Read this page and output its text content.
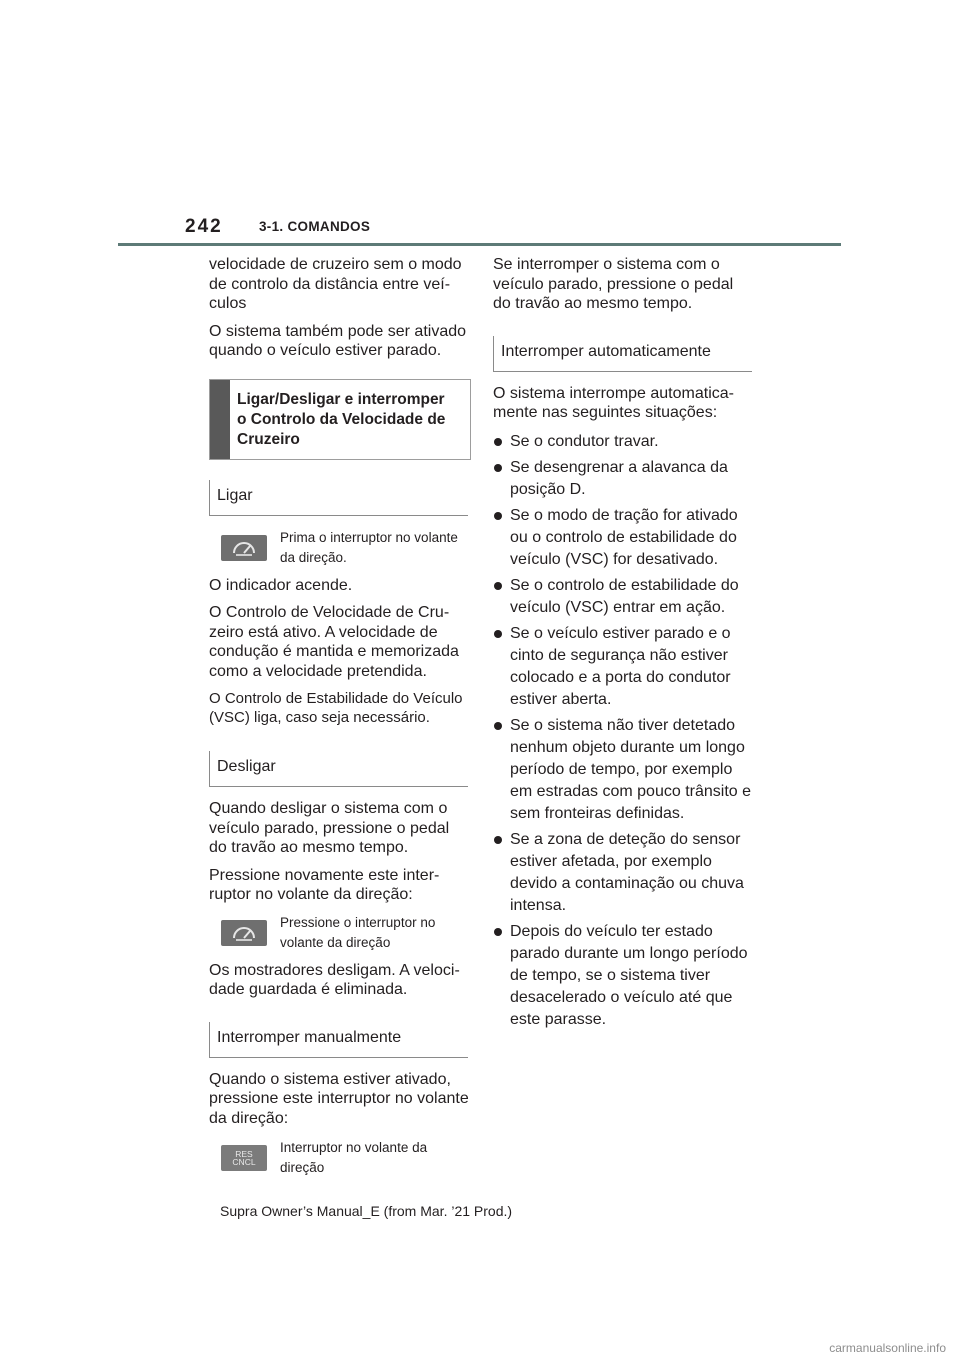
242	3-1. COMANDOS

velocidade de cruzeiro sem o modo de controlo da distância entre veí-culos

O sistema também pode ser ativado quando o veículo estiver parado.

Ligar/Desligar e interromper o Controlo da Velocidade de Cruzeiro
Ligar
Prima o interruptor no volante da direção.

O indicador acende.

O Controlo de Velocidade de Cru-zeiro está ativo. A velocidade de condução é mantida e memorizada como a velocidade pretendida.

O Controlo de Estabilidade do Veículo (VSC) liga, caso seja necessário.

Desligar

Quando desligar o sistema com o veículo parado, pressione o pedal do travão ao mesmo tempo.

Pressione novamente este inter-ruptor no volante da direção:

Pressione o interruptor no volante da direção

Os mostradores desligam. A veloci-dade guardada é eliminada.

Interromper manualmente

Quando o sistema estiver ativado, pressione este interruptor no volante da direção:

RES
CNCL
Interruptor no volante da direção

Se interromper o sistema com o veículo parado, pressione o pedal do travão ao mesmo tempo.

Interromper automaticamente

O sistema interrompe automatica-mente nas seguintes situações:

Se o condutor travar.
Se desengrenar a alavanca da posição D.
Se o modo de tração for ativado ou o controlo de estabilidade do veículo (VSC) for desativado.
Se o controlo de estabilidade do veículo (VSC) entrar em ação.
Se o veículo estiver parado e o cinto de segurança não estiver colocado e a porta do condutor estiver aberta.
Se o sistema não tiver detetado nenhum objeto durante um longo período de tempo, por exemplo em estradas com pouco trânsito e sem fronteiras definidas.
Se a zona de deteção do sensor estiver afetada, por exemplo devido a contaminação ou chuva intensa.
Depois do veículo ter estado parado durante um longo período de tempo, se o sistema tiver desacelerado o veículo até que este parasse.
Supra Owner’s Manual_E (from Mar. ’21 Prod.)
carmanualsonline.info
